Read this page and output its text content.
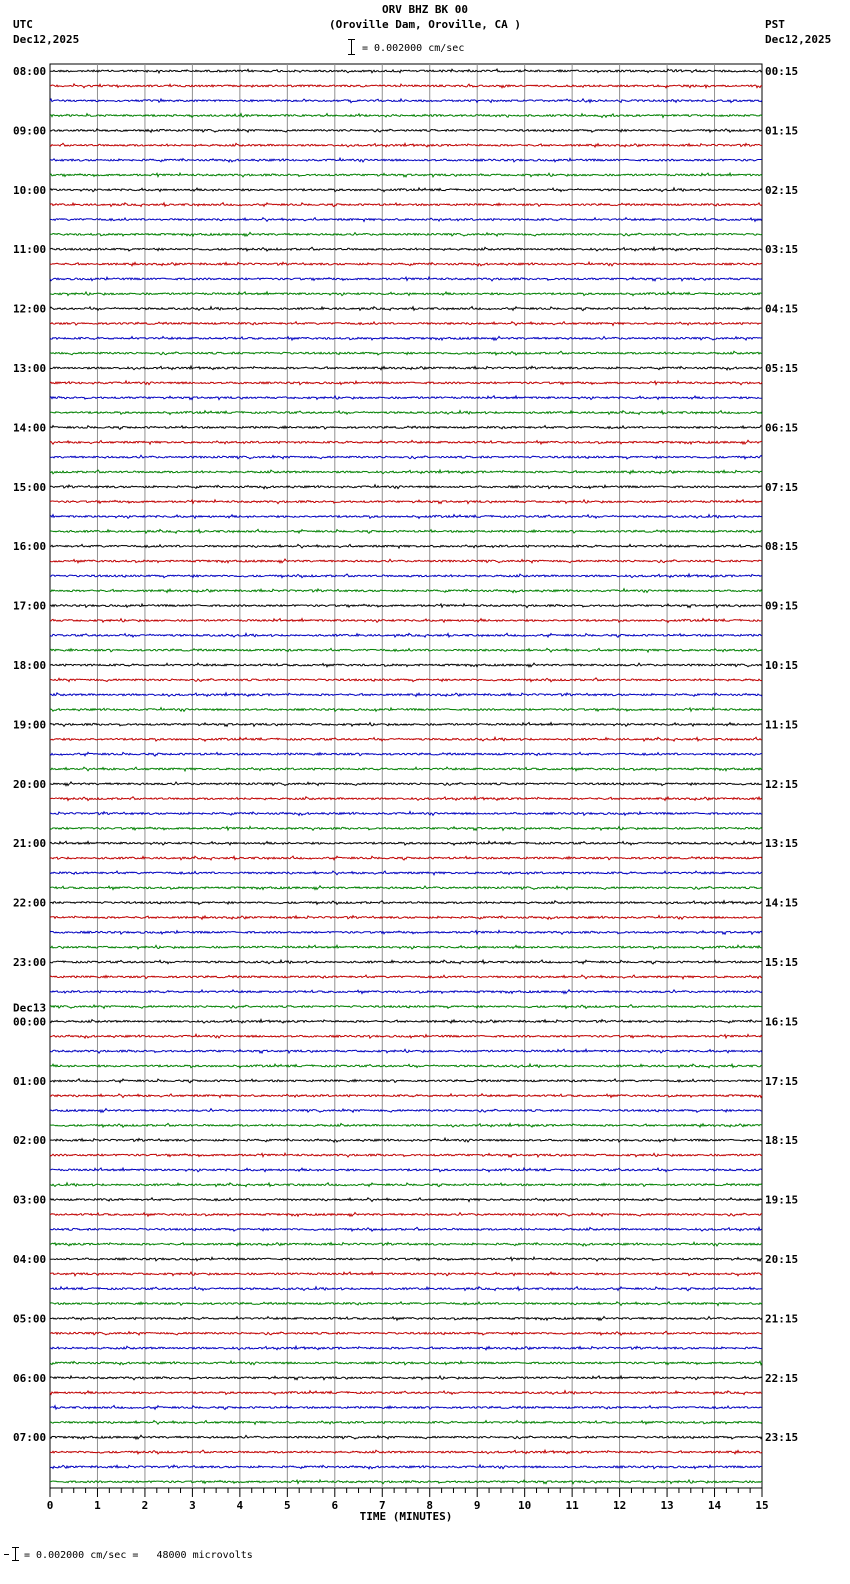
ORV BHZ BK 00
(Oroville Dam, Oroville, CA )
UTC
Dec12,2025
PST
Dec12,2025
= 0.002000 cm/sec
08:00	00:15
09:00	01:15
10:00	02:15
11:00	03:15
12:00	04:15
13:00	05:15
14:00	06:15
15:00	07:15
16:00	08:15
17:00	09:15
18:00	10:15
19:00	11:15
20:00	12:15
21:00	13:15
22:00	14:15
23:00	15:15
00:00	16:15
Dec13
01:00	17:15
02:00	18:15
03:00	19:15
04:00	20:15
05:00	21:15
06:00	22:15
07:00	23:15
0	1	2	3	4	5	6	7	8	9	10	11	12	13	14	15
TIME (MINUTES)
= 0.002000 cm/sec =   48000 microvolts
